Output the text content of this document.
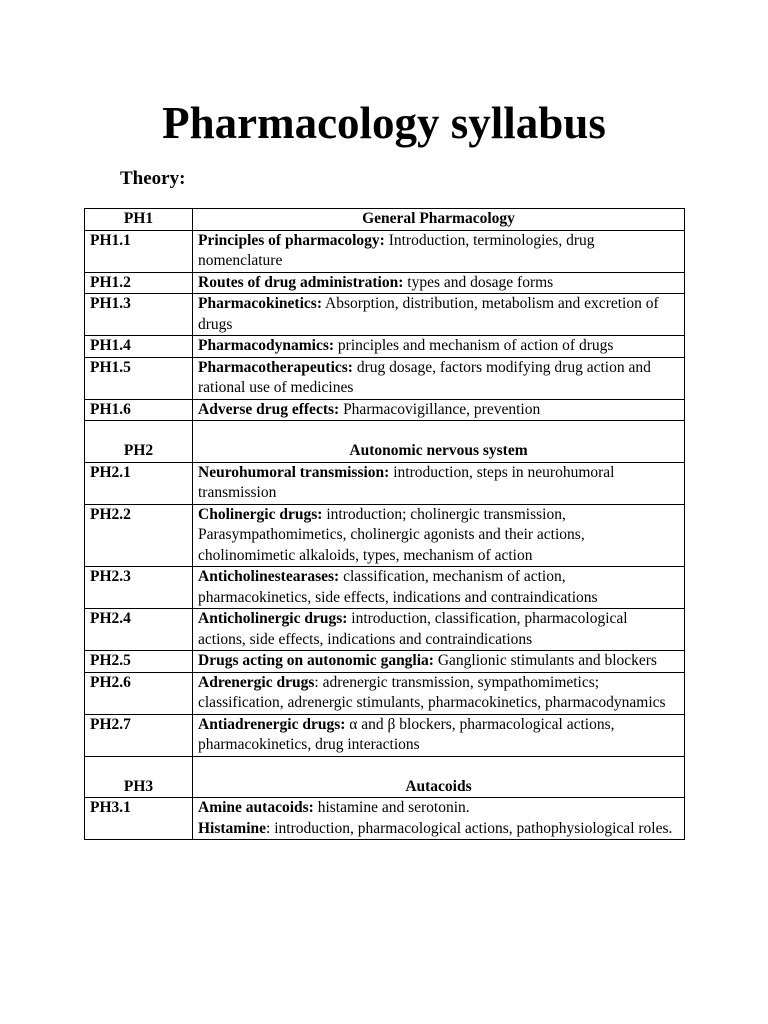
Pharmacology syllabus
Theory:
PH1	General Pharmacology
PH1.1	Principles of pharmacology: Introduction, terminologies, drug nomenclature
PH1.2	Routes of drug administration: types and dosage forms
PH1.3	Pharmacokinetics: Absorption, distribution, metabolism and excretion of drugs
PH1.4	Pharmacodynamics: principles and mechanism of action of drugs
PH1.5	Pharmacotherapeutics: drug dosage, factors modifying drug action and rational use of medicines
PH1.6	Adverse drug effects: Pharmacovigillance, prevention
PH2	Autonomic nervous system
PH2.1	Neurohumoral transmission: introduction, steps in neurohumoral transmission
PH2.2	Cholinergic drugs: introduction; cholinergic transmission, Parasympathomimetics, cholinergic agonists and their actions, cholinomimetic alkaloids, types, mechanism of action
PH2.3	Anticholinestearases: classification, mechanism of action, pharmacokinetics, side effects, indications and contraindications
PH2.4	Anticholinergic drugs: introduction, classification, pharmacological actions, side effects, indications and contraindications
PH2.5	Drugs acting on autonomic ganglia: Ganglionic stimulants and blockers
PH2.6	Adrenergic drugs: adrenergic transmission, sympathomimetics; classification, adrenergic stimulants, pharmacokinetics, pharmacodynamics
PH2.7	Antiadrenergic drugs: α and β blockers, pharmacological actions, pharmacokinetics, drug interactions
PH3	Autacoids
PH3.1	Amine autacoids: histamine and serotonin.
Histamine: introduction, pharmacological actions, pathophysiological roles.
